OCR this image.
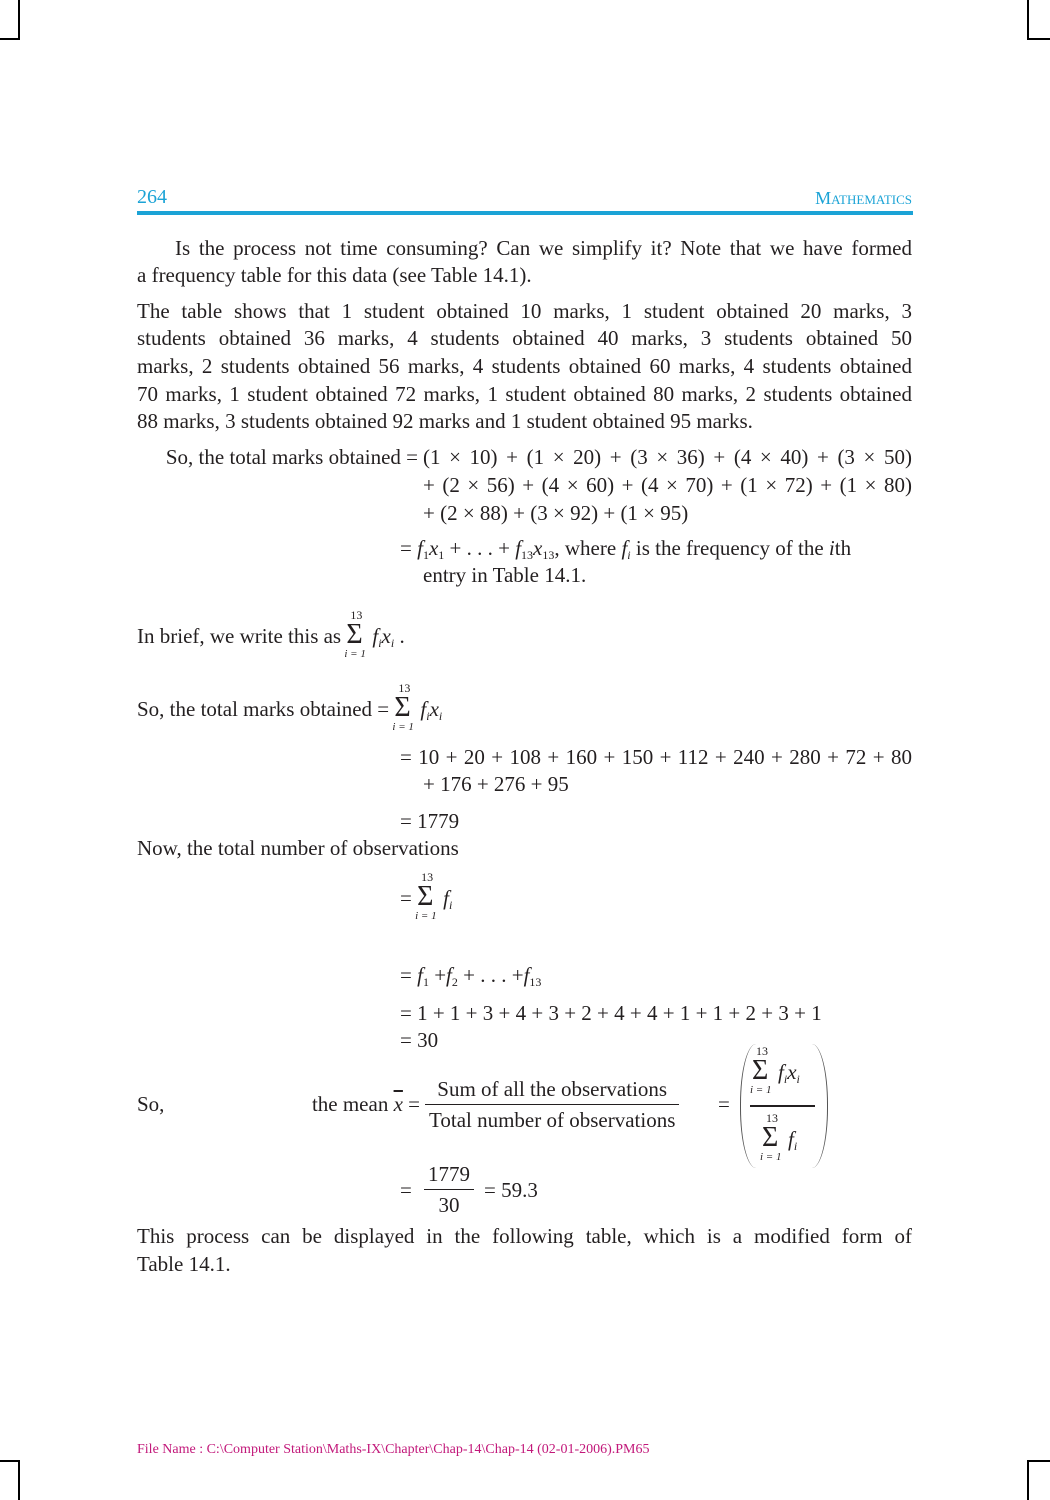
264	Mathematics
Is the process not time consuming? Can we simplify it? Note that we have formed
a frequency table for this data (see Table 14.1).
The table shows that 1 student obtained 10 marks, 1 student obtained 20 marks, 3
students obtained 36 marks, 4 students obtained 40 marks, 3 students obtained 50
marks, 2 students obtained 56 marks, 4 students obtained 60 marks, 4 students obtained
70 marks, 1 student obtained 72 marks, 1 student obtained 80 marks, 2 students obtained
88 marks, 3 students obtained 92 marks and 1 student obtained 95 marks.
So, the total marks obtained = (1 × 10) + (1 × 20) + (3 × 36) + (4 × 40) + (3 × 50)
+ (2 × 56) + (4 × 60) + (4 × 70) + (1 × 72) + (1 × 80)
+ (2 × 88) + (3 × 92) + (1 × 95)
= $f_1x_1$ + . . . + $f_{13}x_{13}$, where $f_i$ is the frequency of the ith
entry in Table 14.1.
In brief, we write this as Σ
13
i = 1
$f_ix_i$ .
So, the total marks obtained = Σ
13
i = 1
$f_ix_i$
= 10 + 20 + 108 + 160 + 150 + 112 + 240 + 280 + 72 + 80
+ 176 + 276 + 95
= 1779
Now, the total number of observations
= Σ
13
i = 1
$f_i$
= $f_1 +f_2$ + . . . $+f_{13}$
= 1 + 1 + 3 + 4 + 3 + 2 + 4 + 4 + 1 + 1 + 2 + 3 + 1
= 30
So,	the mean $\overline{x} = \frac{\text{Sum of all the observations}}{\text{Total number of observations}}$ =
Σ
13
i = 1
$f_ix_i$
Σ
13
i = 1
$f_i$
= $\frac{1779}{30} = 59.3$
This process can be displayed in the following table, which is a modified form of
Table 14.1.
File Name : C:\Computer Station\Maths-IX\Chapter\Chap-14\Chap-14 (02-01-2006).PM65
